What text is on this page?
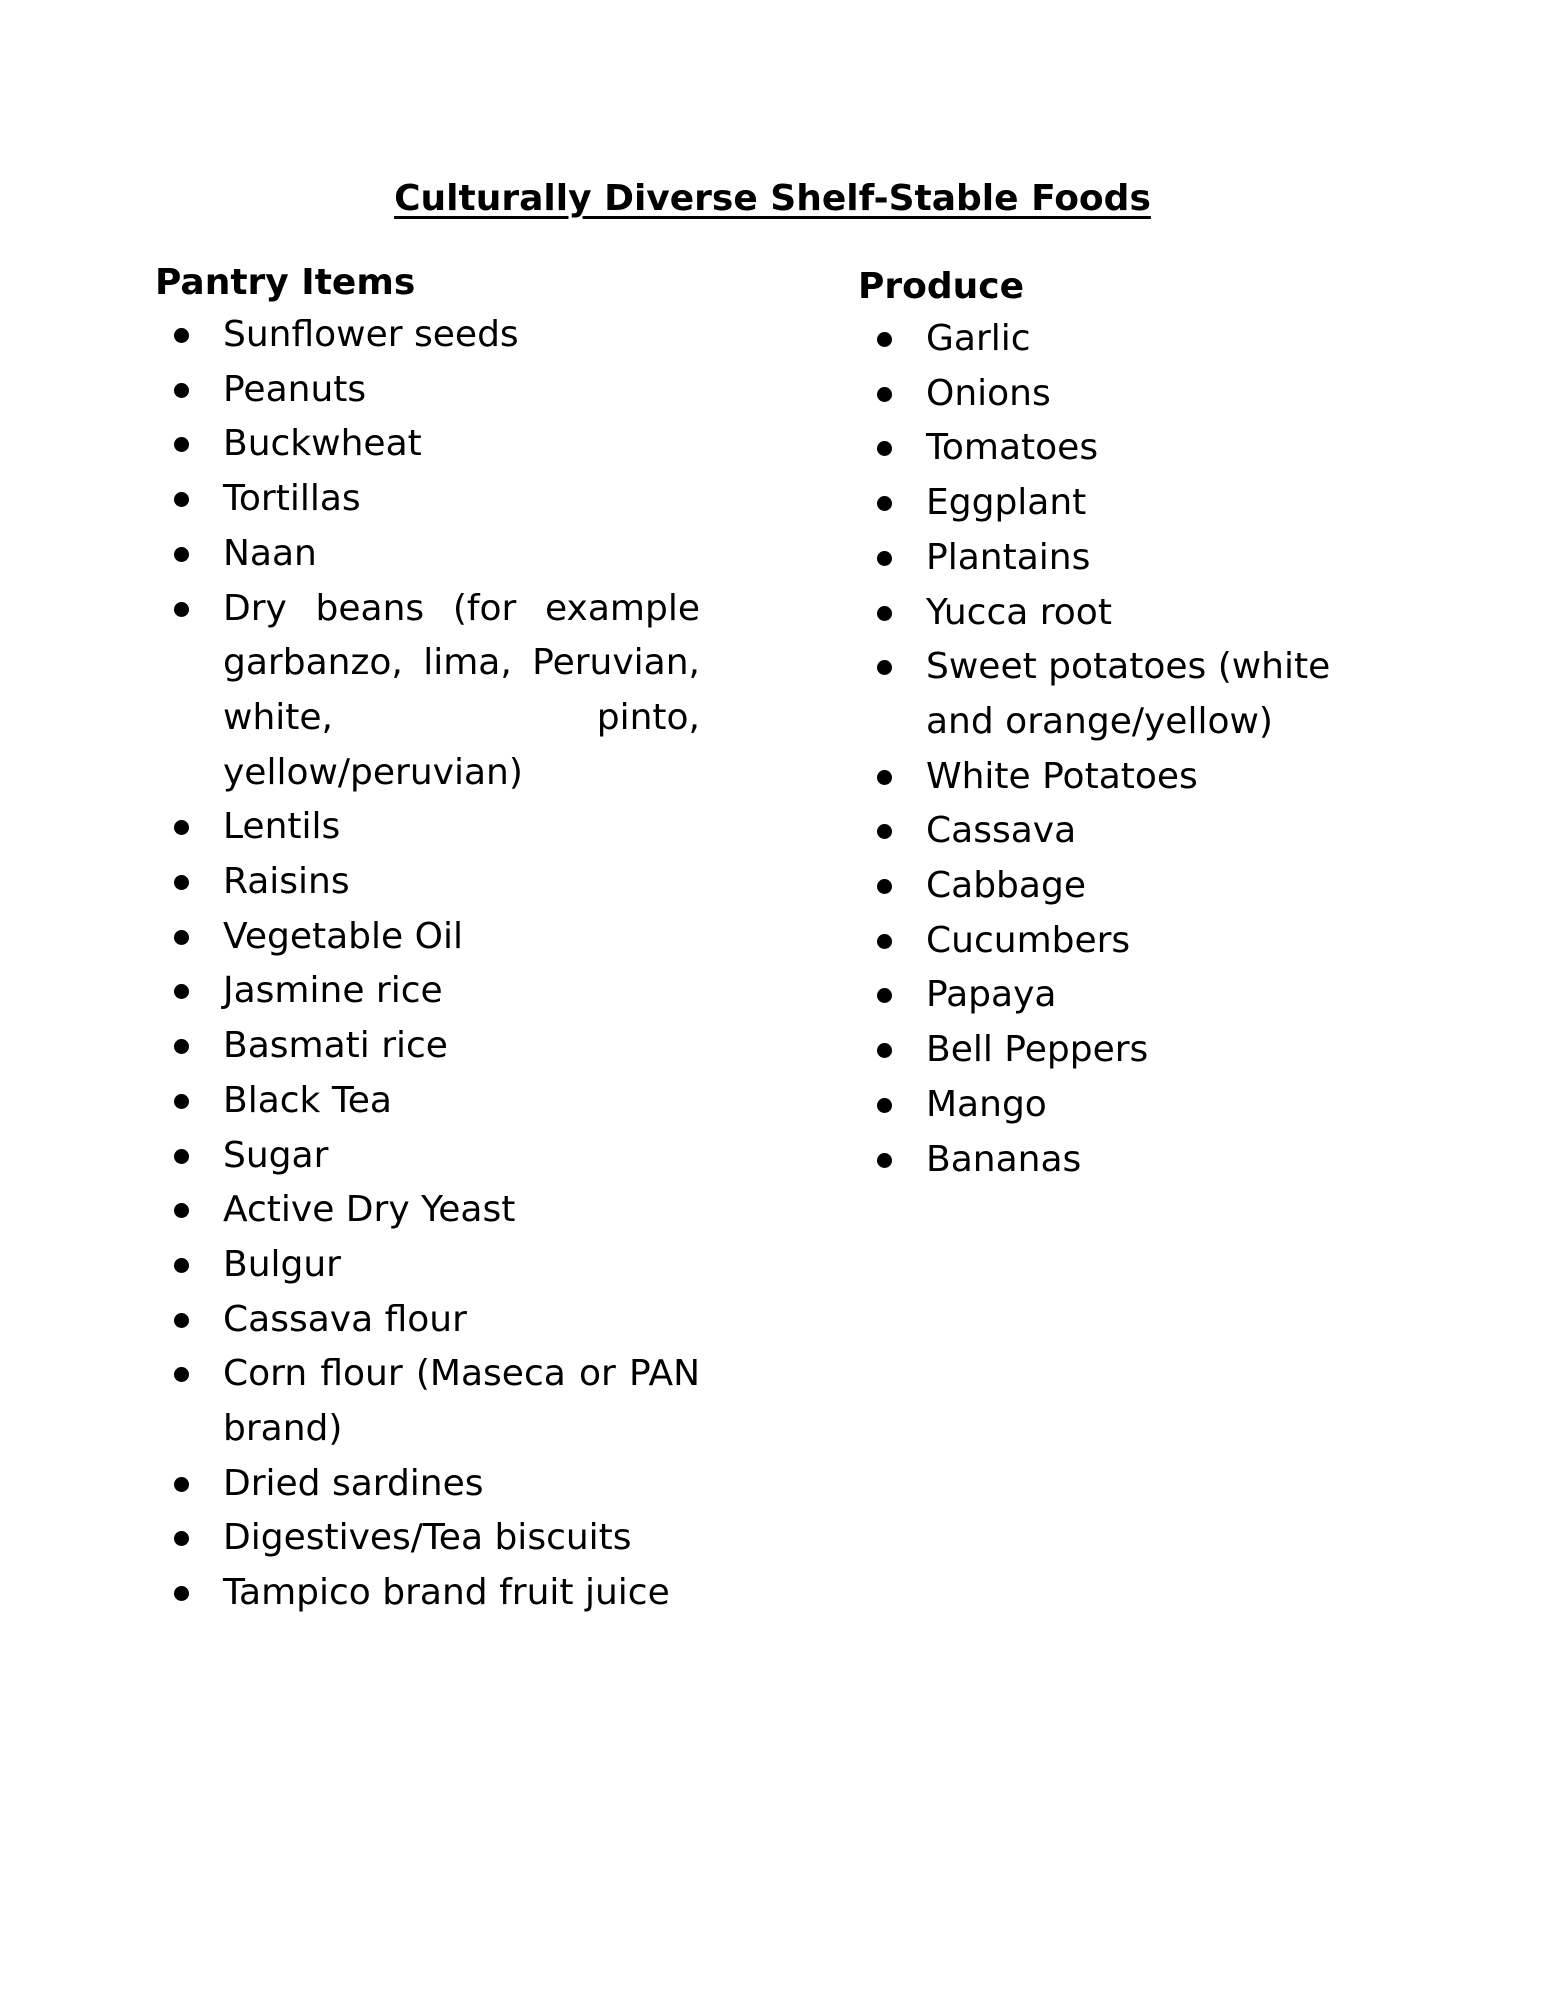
Culturally Diverse Shelf-Stable Foods
Pantry Items
Sunflower seeds
Peanuts
Buckwheat
Tortillas
Naan
Dry beans (for example garbanzo, lima, Peruvian, white, pinto, yellow/peruvian)
Lentils
Raisins
Vegetable Oil
Jasmine rice
Basmati rice
Black Tea
Sugar
Active Dry Yeast
Bulgur
Cassava flour
Corn flour (Maseca or PAN brand)
Dried sardines
Digestives/Tea biscuits
Tampico brand fruit juice
Produce
Garlic
Onions
Tomatoes
Eggplant
Plantains
Yucca root
Sweet potatoes (white and orange/yellow)
White Potatoes
Cassava
Cabbage
Cucumbers
Papaya
Bell Peppers
Mango
Bananas
